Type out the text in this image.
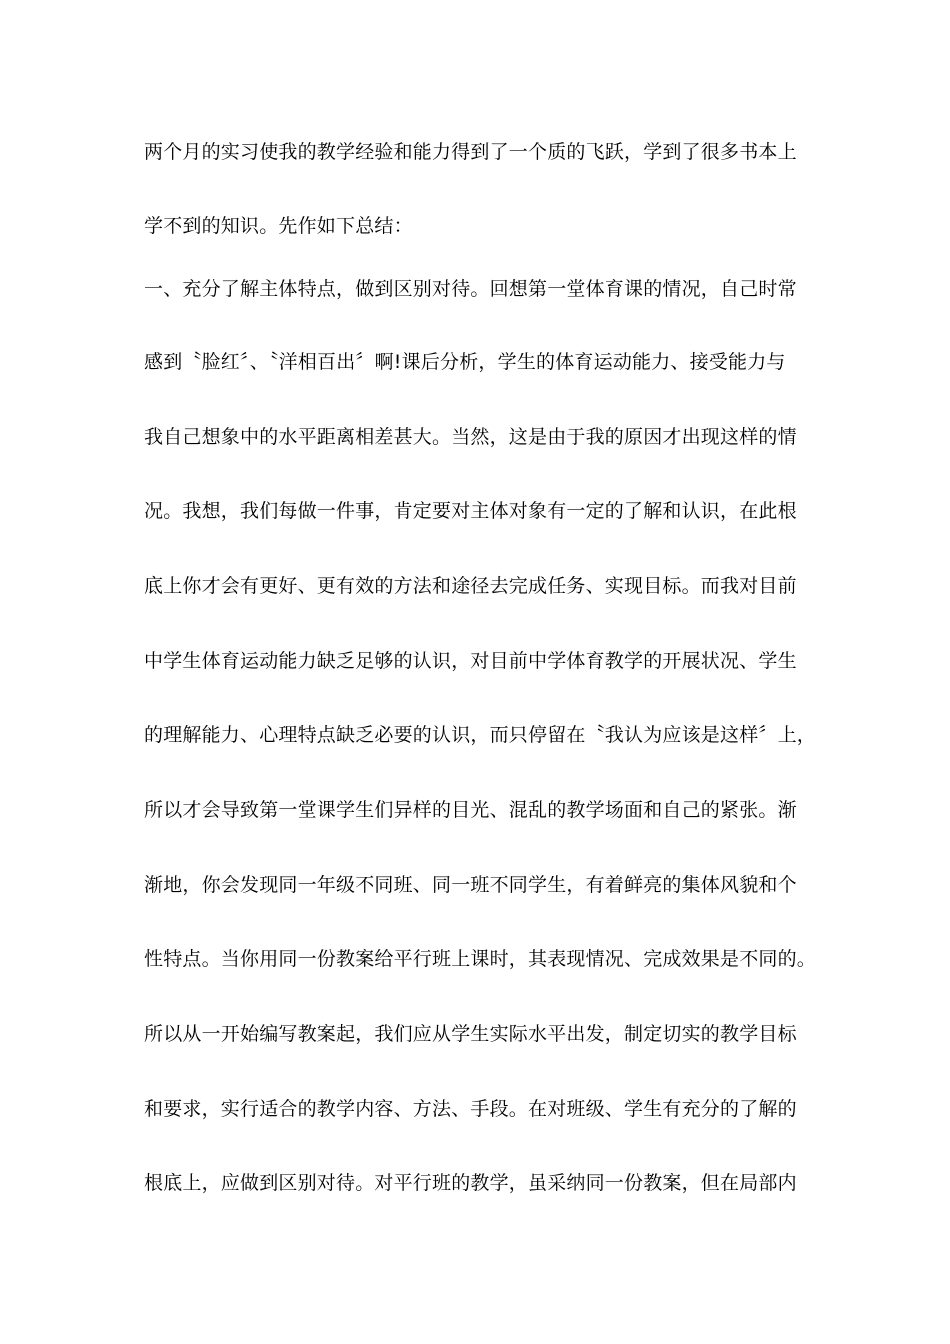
两个月的实习使我的教学经验和能力得到了一个质的飞跃，学到了很多书本上
学不到的知识。先作如下总结：
一、充分了解主体特点，做到区别对待。回想第一堂体育课的情况，自己时常
感到〝脸红〞、〝洋相百出〞啊!课后分析，学生的体育运动能力、接受能力与
我自己想象中的水平距离相差甚大。当然，这是由于我的原因才出现这样的情
况。我想，我们每做一件事，肯定要对主体对象有一定的了解和认识，在此根
底上你才会有更好、更有效的方法和途径去完成任务、实现目标。而我对目前
中学生体育运动能力缺乏足够的认识，对目前中学体育教学的开展状况、学生
的理解能力、心理特点缺乏必要的认识，而只停留在〝我认为应该是这样〞上，
所以才会导致第一堂课学生们异样的目光、混乱的教学场面和自己的紧张。渐
渐地，你会发现同一年级不同班、同一班不同学生，有着鲜亮的集体风貌和个
性特点。当你用同一份教案给平行班上课时，其表现情况、完成效果是不同的。
所以从一开始编写教案起，我们应从学生实际水平出发，制定切实的教学目标
和要求，实行适合的教学内容、方法、手段。在对班级、学生有充分的了解的
根底上，应做到区别对待。对平行班的教学，虽采纳同一份教案，但在局部内
